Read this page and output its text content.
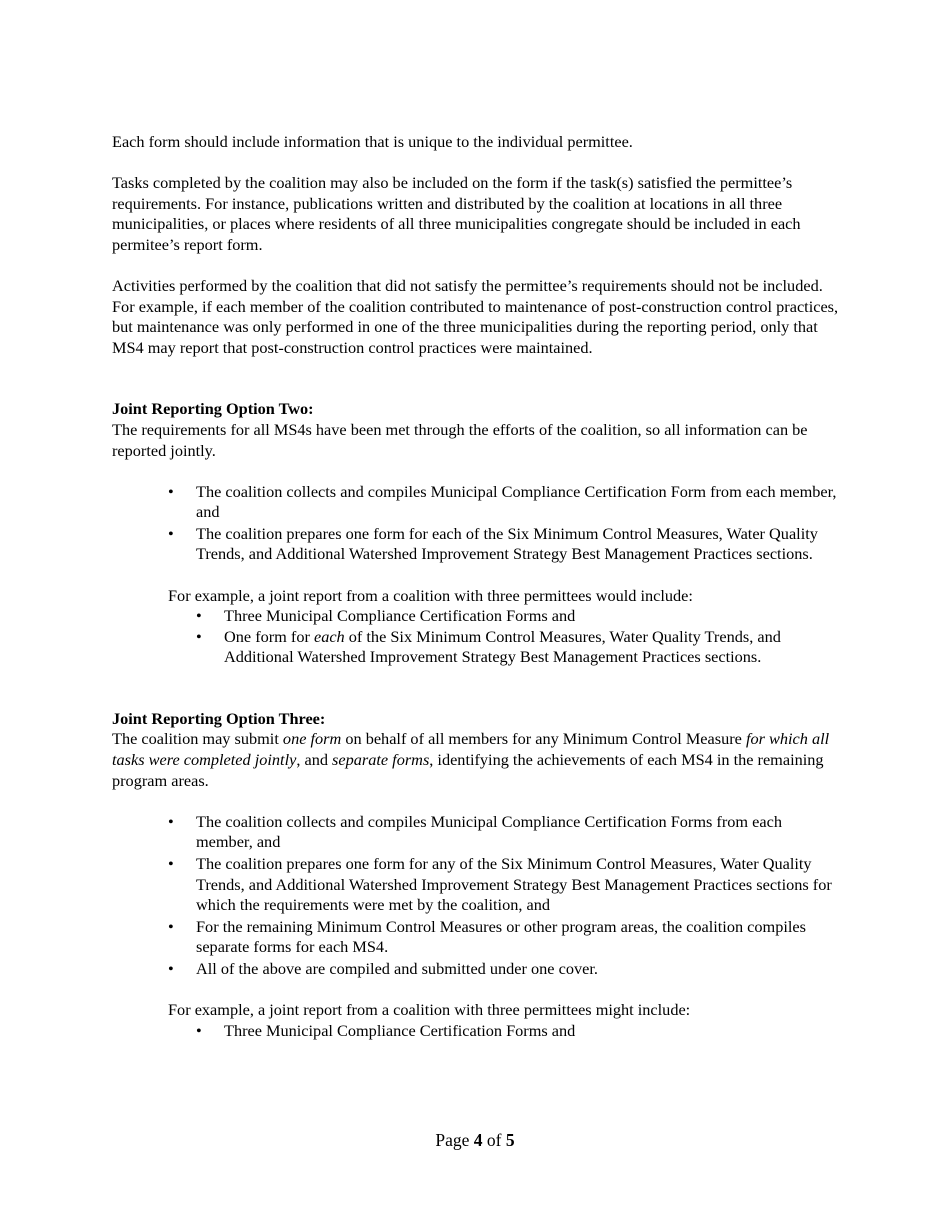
Each form should include information that is unique to the individual permittee.

Tasks completed by the coalition may also be included on the form if the task(s) satisfied the permittee’s requirements. For instance, publications written and distributed by the coalition at locations in all three municipalities, or places where residents of all three municipalities congregate should be included in each permitee’s report form.

Activities performed by the coalition that did not satisfy the permittee’s requirements should not be included. For example, if each member of the coalition contributed to maintenance of post-construction control practices, but maintenance was only performed in one of the three municipalities during the reporting period, only that MS4 may report that post-construction control practices were maintained.

Joint Reporting Option Two:

The requirements for all MS4s have been met through the efforts of the coalition, so all information can be reported jointly.

• The coalition collects and compiles Municipal Compliance Certification Form from each member, and
• The coalition prepares one form for each of the Six Minimum Control Measures, Water Quality Trends, and Additional Watershed Improvement Strategy Best Management Practices sections.

For example, a joint report from a coalition with three permittees would include:

• Three Municipal Compliance Certification Forms and
• One form for each of the Six Minimum Control Measures, Water Quality Trends, and Additional Watershed Improvement Strategy Best Management Practices sections.

Joint Reporting Option Three:

The coalition may submit one form on behalf of all members for any Minimum Control Measure for which all tasks were completed jointly, and separate forms, identifying the achievements of each MS4 in the remaining program areas.

• The coalition collects and compiles Municipal Compliance Certification Forms from each member, and
• The coalition prepares one form for any of the Six Minimum Control Measures, Water Quality Trends, and Additional Watershed Improvement Strategy Best Management Practices sections for which the requirements were met by the coalition, and
• For the remaining Minimum Control Measures or other program areas, the coalition compiles separate forms for each MS4.
• All of the above are compiled and submitted under one cover.

For example, a joint report from a coalition with three permittees might include:

• Three Municipal Compliance Certification Forms and
Page 4 of 5
